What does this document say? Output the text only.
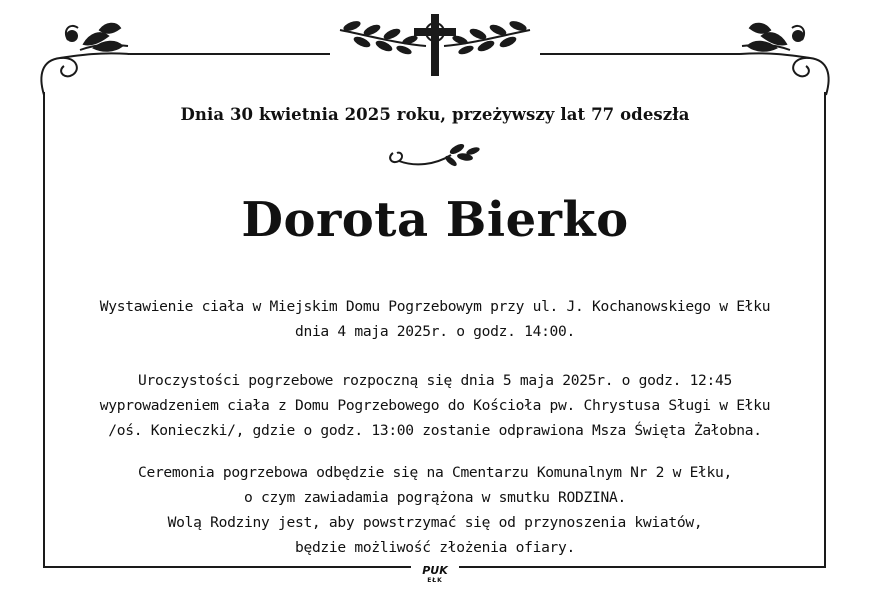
Dnia 30 kwietnia 2025 roku, przeżywszy lat 77 odeszła
Dorota Bierko
Wystawienie ciała w Miejskim Domu Pogrzebowym przy ul. J. Kochanowskiego w Ełku
dnia 4 maja 2025r. o godz. 14:00.
Uroczystości pogrzebowe rozpoczną się dnia 5 maja 2025r. o godz. 12:45
wyprowadzeniem ciała z Domu Pogrzebowego do Kościoła pw. Chrystusa Sługi w Ełku
/oś. Konieczki/, gdzie o godz. 13:00 zostanie odprawiona Msza Święta Żałobna.
Ceremonia pogrzebowa odbędzie się na Cmentarzu Komunalnym Nr 2 w Ełku,
o czym zawiadamia pogrążona w smutku RODZINA.
Wolą Rodziny jest, aby powstrzymać się od przynoszenia kwiatów,
będzie możliwość złożenia ofiary.
PUK
EŁK
